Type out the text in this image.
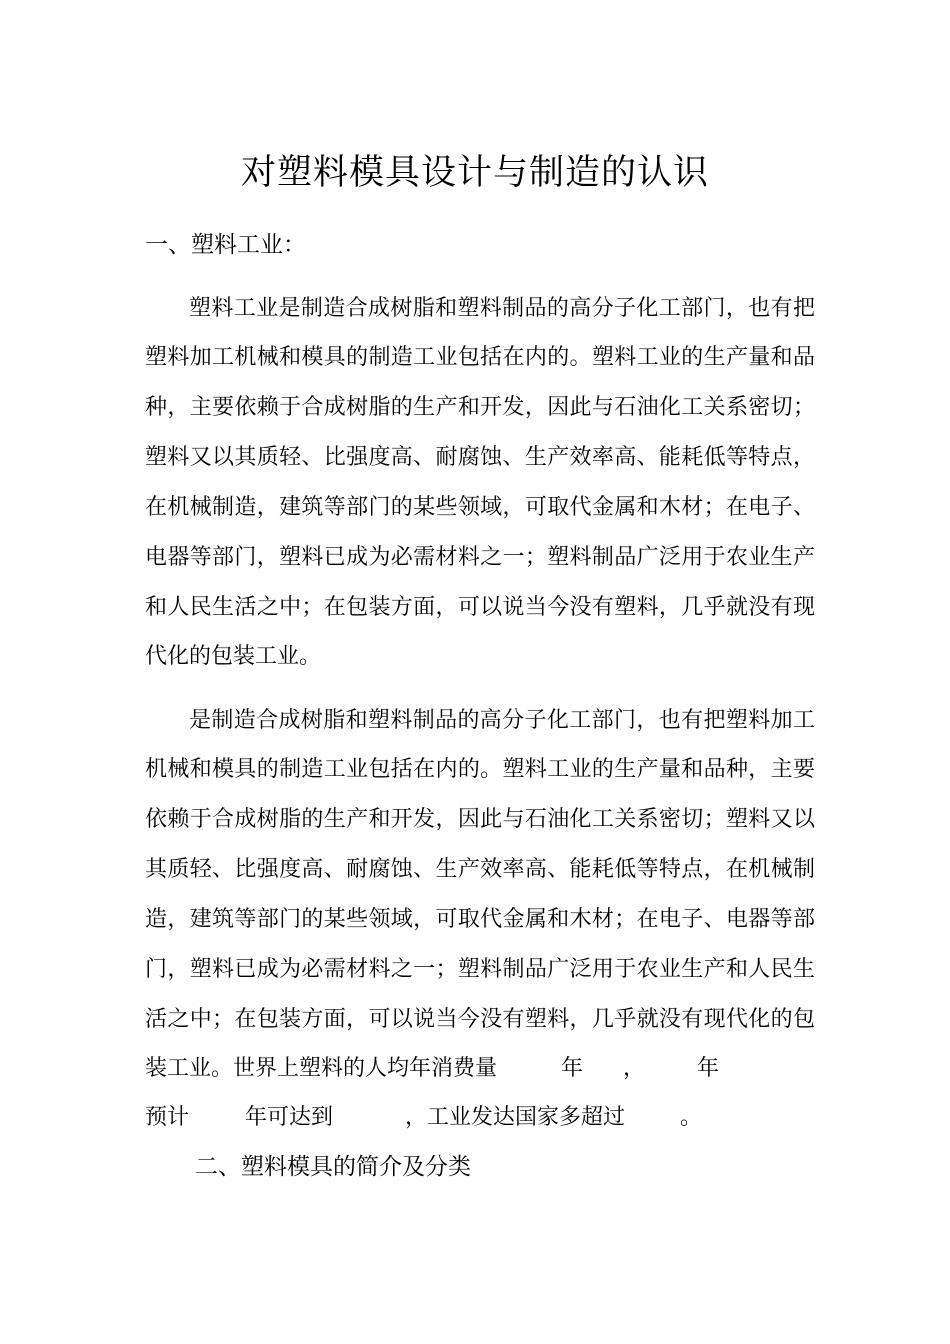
对塑料模具设计与制造的认识
一、塑料工业：
塑料工业是制造合成树脂和塑料制品的高分子化工部门，也有把
塑料加工机械和模具的制造工业包括在内的。塑料工业的生产量和品
种，主要依赖于合成树脂的生产和开发，因此与石油化工关系密切；
塑料又以其质轻、比强度高、耐腐蚀、生产效率高、能耗低等特点，
在机械制造，建筑等部门的某些领域，可取代金属和木材；在电子、
电器等部门，塑料已成为必需材料之一；塑料制品广泛用于农业生产
和人民生活之中；在包装方面，可以说当今没有塑料，几乎就没有现
代化的包装工业。
是制造合成树脂和塑料制品的高分子化工部门，也有把塑料加工
机械和模具的制造工业包括在内的。塑料工业的生产量和品种，主要
依赖于合成树脂的生产和开发，因此与石油化工关系密切；塑料又以
其质轻、比强度高、耐腐蚀、生产效率高、能耗低等特点，在机械制
造，建筑等部门的某些领域，可取代金属和木材；在电子、电器等部
门，塑料已成为必需材料之一；塑料制品广泛用于农业生产和人民生
活之中；在包装方面，可以说当今没有塑料，几乎就没有现代化的包
装工业。世界上塑料的人均年消费量	年 ， 年
预计	年可达到	，工业发达国家多超过 。
二、塑料模具的简介及分类
